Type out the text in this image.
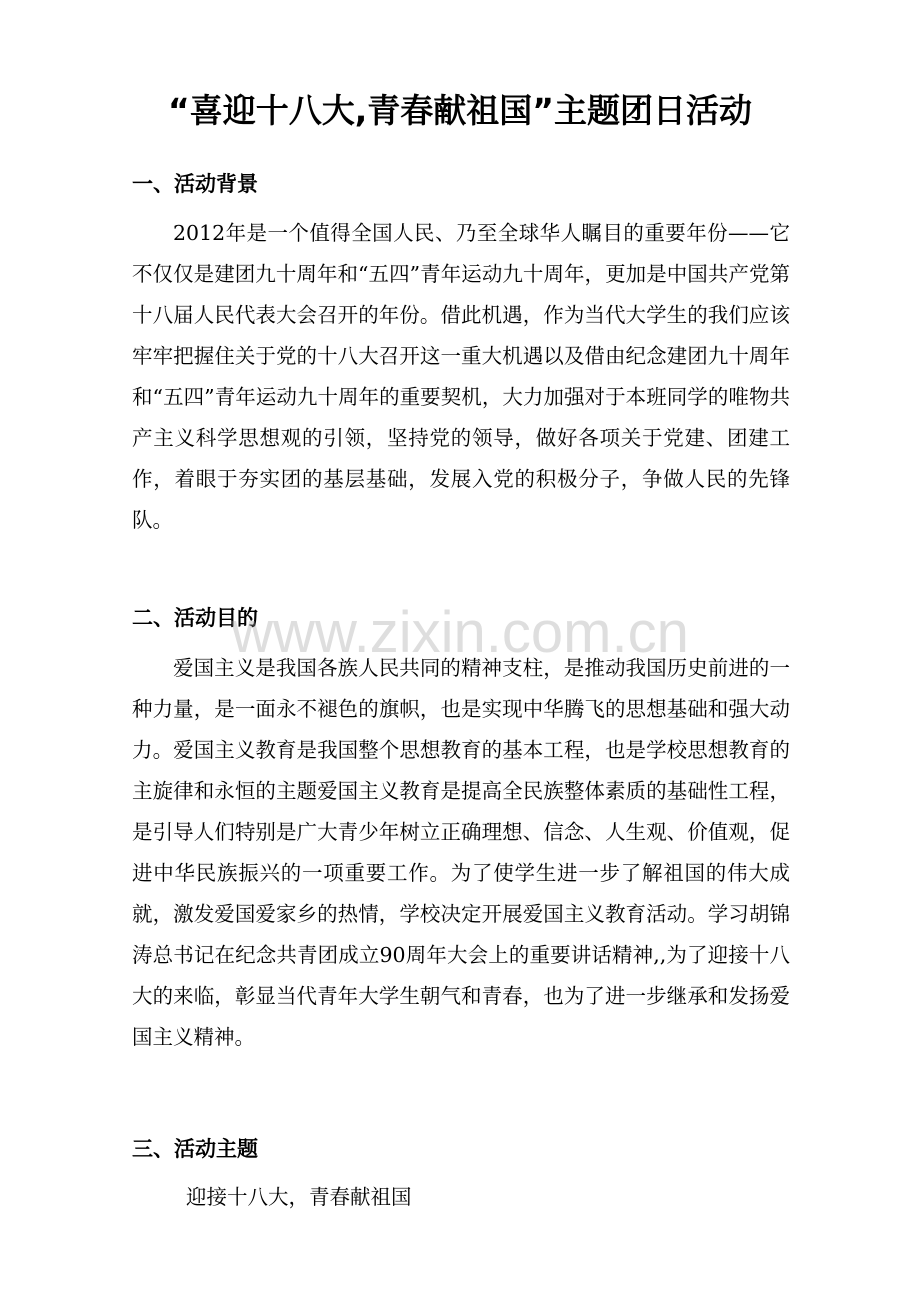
“喜迎十八大,青春献祖国”主题团日活动
一、活动背景

2012年是一个值得全国人民、乃至全球华人瞩目的重要年份——它不仅仅是建团九十周年和“五四”青年运动九十周年，更加是中国共产党第十八届人民代表大会召开的年份。借此机遇，作为当代大学生的我们应该牢牢把握住关于党的十八大召开这一重大机遇以及借由纪念建团九十周年和“五四”青年运动九十周年的重要契机，大力加强对于本班同学的唯物共产主义科学思想观的引领，坚持党的领导，做好各项关于党建、团建工作，着眼于夯实团的基层基础，发展入党的积极分子，争做人民的先锋队。

二、活动目的

爱国主义是我国各族人民共同的精神支柱，是推动我国历史前进的一种力量，是一面永不褪色的旗帜，也是实现中华腾飞的思想基础和强大动力。爱国主义教育是我国整个思想教育的基本工程，也是学校思想教育的主旋律和永恒的主题爱国主义教育是提高全民族整体素质的基础性工程，是引导人们特别是广大青少年树立正确理想、信念、人生观、价值观，促进中华民族振兴的一项重要工作。为了使学生进一步了解祖国的伟大成就，激发爱国爱家乡的热情，学校决定开展爱国主义教育活动。学习胡锦涛总书记在纪念共青团成立90周年大会上的重要讲话精神,,为了迎接十八大的来临，彰显当代青年大学生朝气和青春，也为了进一步继承和发扬爱国主义精神。

三、活动主题

迎接十八大，青春献祖国

www.zixin.com.cn
